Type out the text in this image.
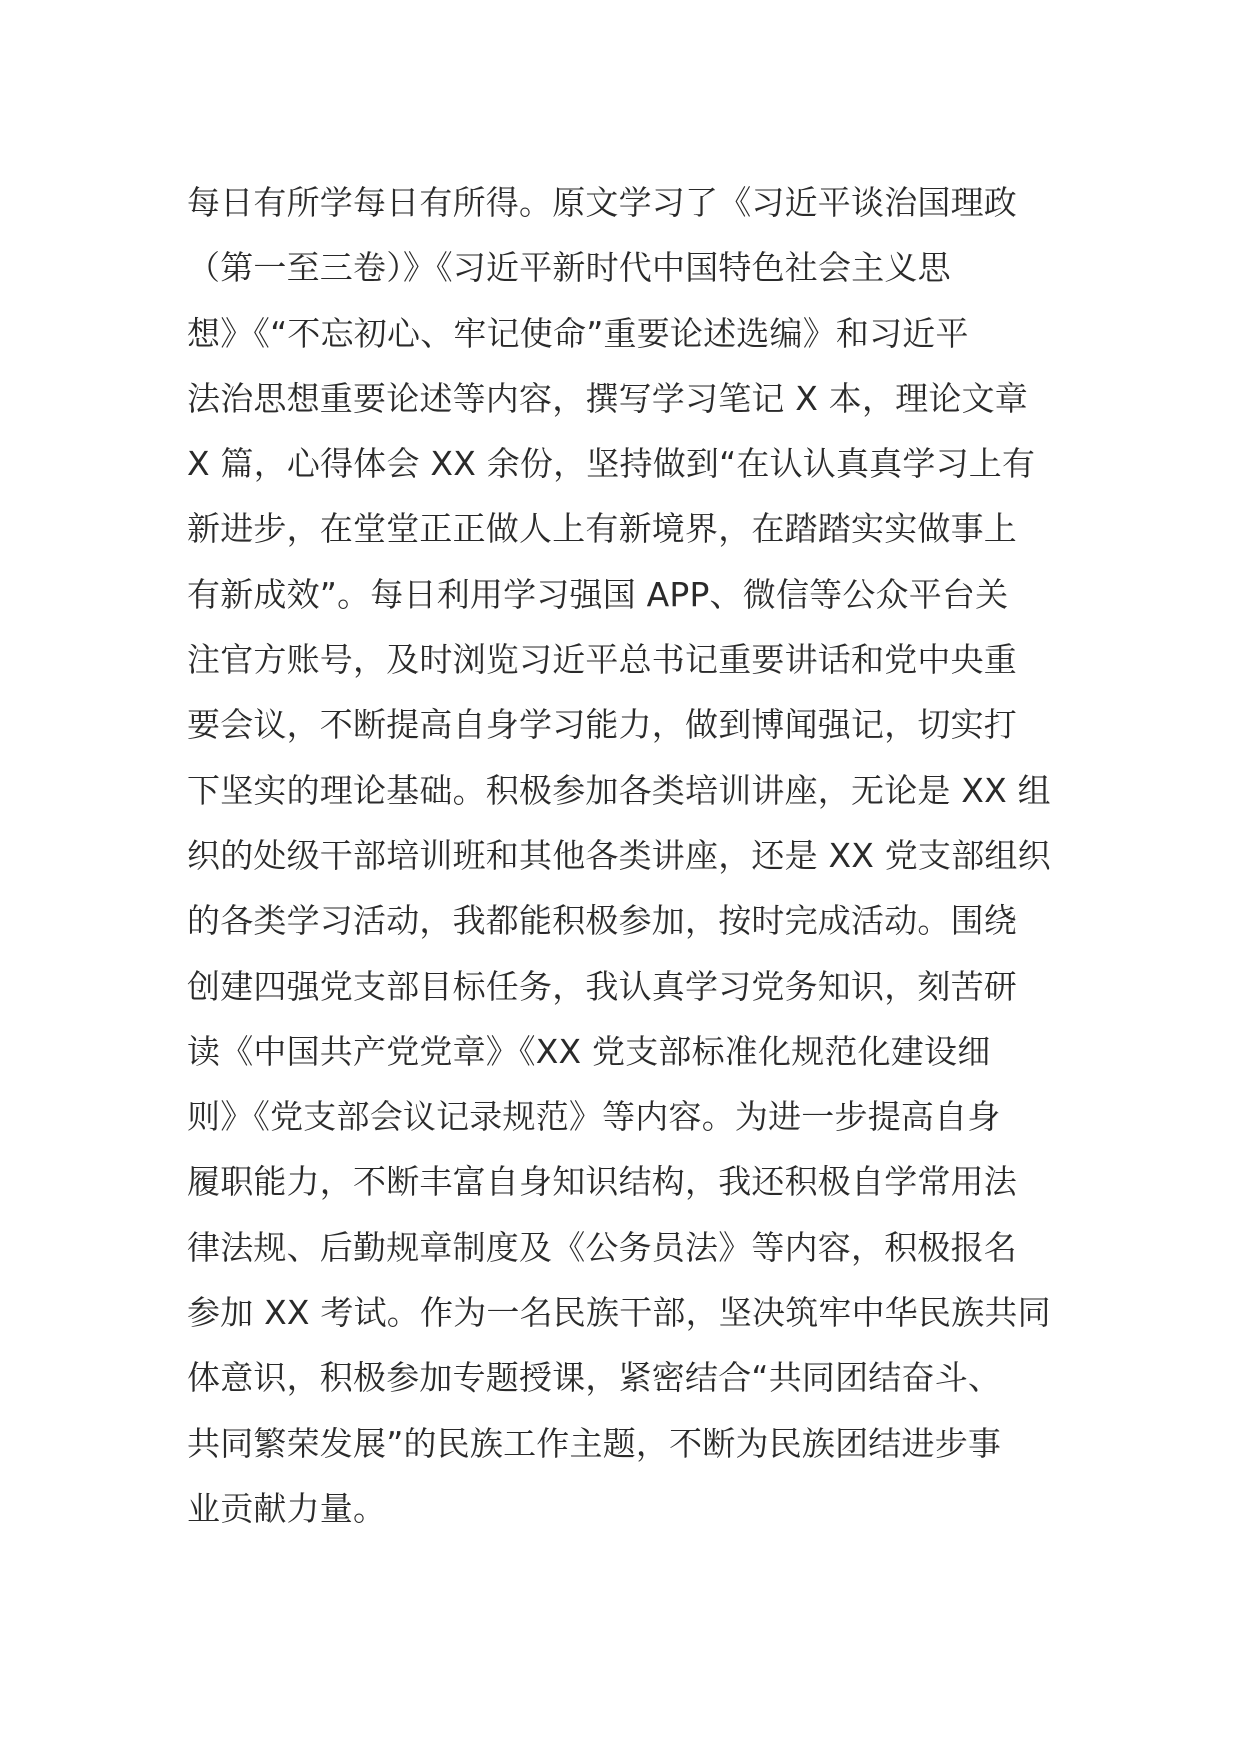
每日有所学每日有所得。原文学习了《习近平谈治国理政
（第一至三卷）》《习近平新时代中国特色社会主义思
想》《“不忘初心、牢记使命”重要论述选编》和习近平
法治思想重要论述等内容，撰写学习笔记 X 本，理论文章
X 篇，心得体会 XX 余份，坚持做到“在认认真真学习上有
新进步，在堂堂正正做人上有新境界，在踏踏实实做事上
有新成效”。每日利用学习强国 APP、微信等公众平台关
注官方账号，及时浏览习近平总书记重要讲话和党中央重
要会议，不断提高自身学习能力，做到博闻强记，切实打
下坚实的理论基础。积极参加各类培训讲座，无论是 XX 组
织的处级干部培训班和其他各类讲座，还是 XX 党支部组织
的各类学习活动，我都能积极参加，按时完成活动。围绕
创建四强党支部目标任务，我认真学习党务知识，刻苦研
读《中国共产党党章》《XX 党支部标准化规范化建设细
则》《党支部会议记录规范》等内容。为进一步提高自身
履职能力，不断丰富自身知识结构，我还积极自学常用法
律法规、后勤规章制度及《公务员法》等内容，积极报名
参加 XX 考试。作为一名民族干部，坚决筑牢中华民族共同
体意识，积极参加专题授课，紧密结合“共同团结奋斗、
共同繁荣发展”的民族工作主题，不断为民族团结进步事
业贡献力量。
